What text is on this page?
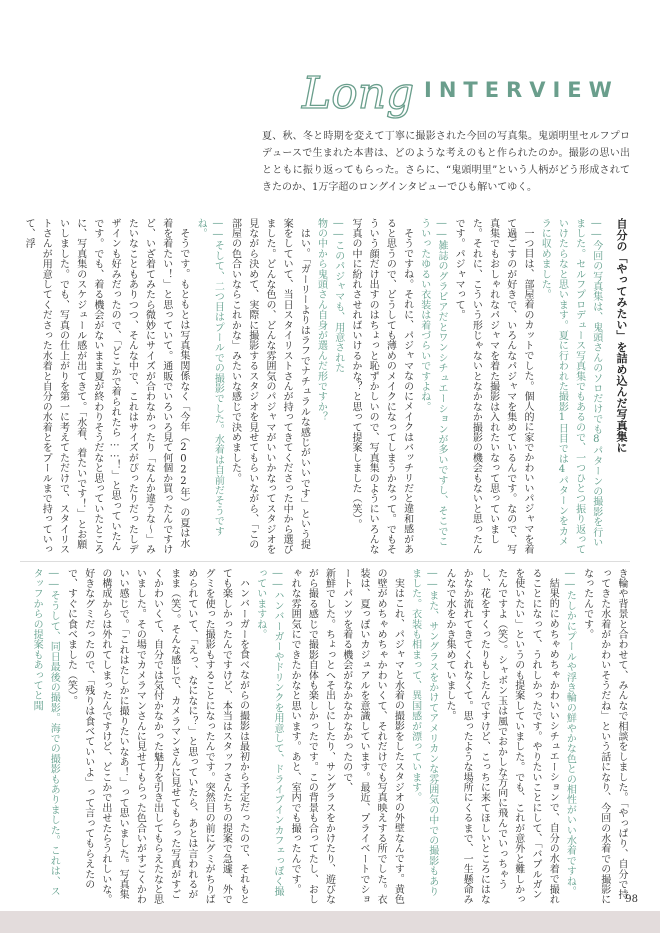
Long INTERVIEW

夏、秋、冬と時期を変えて丁寧に撮影された今回の写真集。鬼頭明里セルフプロデュースで生まれた本書は、どのような考えのもと作られたのか。撮影の思い出とともに振り返ってもらった。さらに、“鬼頭明里”という人柄がどう形成されてきたのか、1万字超のロングインタビューでひも解いてゆく。

自分の「やってみたい」を詰め込んだ写真集に

――今回の写真集は、鬼頭さんのソロだけでも8パターンの撮影を行いました。セルフプロデュース写真集でもあるので、一つひとつ振り返っていけたらなと思います。夏に行われた撮影1日目では4パターンをカメラに収めました。

一つ目は、部屋着のカットでした。個人的に家でかわいいパジャマを着て過ごすのが好きで、いろんなパジャマを集めているんです。なので、写真集でもおしゃれなパジャマを着た撮影は入れたいなって思っていました。それに、こういう形じゃないとなかなか撮影の機会もないと思ったんです。パジャマって。

――雑誌のグラビアだとワンシチュエーションが多いですし、そこでこういったゆるい衣装は着づらいですよね。

そうですね。それに、パジャマなのにメイクはバッチリだと違和感があると思うので、どうしても薄めのメイクになってしまうかなって。でもそういう顔だけ出すのはちょっと恥ずかしいので、写真集のようにいろんな写真の中に紛れさせればいけるかな？と思って提案しました（笑）。

――このパジャマも、用意された

物の中から鬼頭さん自身が選んだ形ですか？

はい。「ガーリーよりはラフでナチュラルな感じがいいです」という提案をしていて、当日スタイリストさんが持ってきてくださった中から選びました。どんな色の、どんな雰囲気のパジャマがいいかなってスタジオを見ながら決めて、実際に撮影するスタジオを見せてもらいながら、「この部屋の色合いならこれかな」みたいな感じで決めました。

――そして、二つ目はプールでの撮影でした。水着は自前だそうですね。

そうです。もともとは写真集関係なく「今年（2022年）の夏は水着を着たい！」と思っていて。通販でいろいろ見て何個か買ったんですけど、いざ着てみたら微妙にサイズが合わなかったり「なんか違うな〜」みたいなこともありつつ、そんな中で、これはサイズがぴったりだったしデザインも好みだったので、「どこかで着られたら……！」と思っていたんです。でも、着る機会がないまま夏が終わりそうだなと思っていたところに、写真集のスケジュール感が出てきて。「水着、着たいです！」とお願いしました。でも、写真の仕上がりを第一に考えてただけで、スタイリストさんが用意してくださった水着と自分の水着とをプールまで持っていって、浮

き輪や背景と合わせて、みんなで相談をしました。「やっぱり、自分で持ってきた水着がかわいそうだね」という話になり、今回の水着での撮影になったんです。

――たしかにプールや浮き輪の鮮やかな色との相性がいい水着ですね。

結果的にめちゃめちゃかわいいシチュエーションで、自分の水着で撮れることになって、うれしかったです。やりたいことにして、「バブルガンを使いたい」というのも提案していました。でも、これが意外と難しかったんですよ（笑）。シャボン玉は風でおかしな方向に飛んでいっちゃうし、花をすくったりもしたんですけど、こっちに来てほしいところにはなかなか流れてきてくれなくて。思ったような場所にくるまで、一生懸命みんなで水をかき集めていました。

――また、サングラスをかけてアメリカンな雰囲気の中での撮影もありました。衣装も相まって、異国感が漂っています。

実はこれ、パジャマと水着の撮影をしたスタジオの外壁なんです。黄色の壁がめちゃめちゃかわいくて、それだけでも写真映えする所でした。衣装は、夏っぽいカジュアルを意識しています。最近、プライベートでショートパンツを着る機会がなかなかなかったので、

新鮮でした。ちょっとへそ出しにしたり、サングラスをかけたり、遊びながら撮る感じで撮影自体も楽しかったです。この背景も合ってたし、おしゃれな雰囲気にできたかなと思います。あと、室内でも撮ったんです。

――ハンバーガーやドリンクを用意して、ドライブインカフェっぽく撮っていますね。

ハンバーガーを食べながらの撮影は最初から予定だったので、それもとても楽しかったんですけど、本当はスタッフさんたちの提案で急遽、外でグミを使った撮影もすることになったんです。突然目の前にグミがちりばめられていて、「えっ、なになに？」と思っていたら、あとは言われるがまま（笑）。そんな感じで、カメラマンさんに見せてもらった写真がすごくかわいくて、自分では気付かなかった魅力を引き出してもらえたなと思いました。その場でカメラマンさんに見せてもらった色合いがすごくかわいい感じで。「これはたしかに撮りたいなあ！」って思いました。写真集の構成からは外れてしまったんですけど、どこかで出せたらうれしいな。好きなグミだったので、「残りは食べていいよ」って言ってもらえたので、すぐに食べました（笑）。

――そうして、同日最後の撮影。海での撮影もありました。これは、スタッフからの提案もあってと聞

98
